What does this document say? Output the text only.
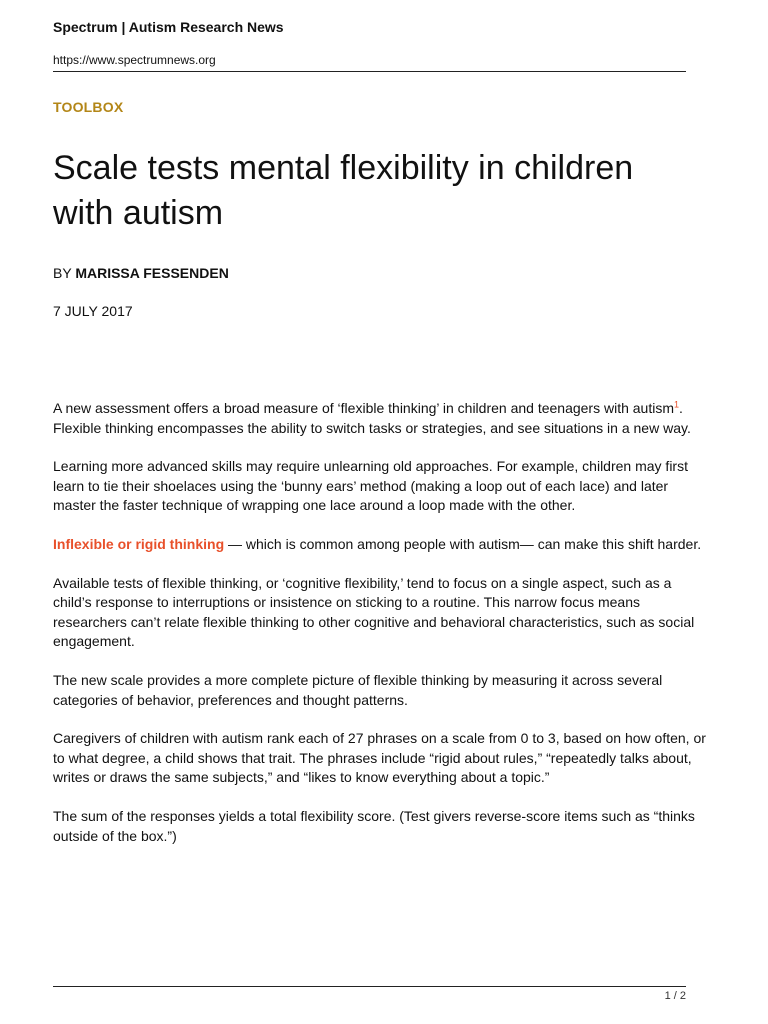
Spectrum | Autism Research News
https://www.spectrumnews.org
TOOLBOX
Scale tests mental flexibility in children with autism
BY MARISSA FESSENDEN
7 JULY 2017

A new assessment offers a broad measure of ‘flexible thinking’ in children and teenagers with autism$^1$. Flexible thinking encompasses the ability to switch tasks or strategies, and see situations in a new way.

Learning more advanced skills may require unlearning old approaches. For example, children may first learn to tie their shoelaces using the ‘bunny ears’ method (making a loop out of each lace) and later master the faster technique of wrapping one lace around a loop made with the other.

Inflexible or rigid thinking — which is common among people with autism— can make this shift harder.

Available tests of flexible thinking, or ‘cognitive flexibility,’ tend to focus on a single aspect, such as a child’s response to interruptions or insistence on sticking to a routine. This narrow focus means researchers can’t relate flexible thinking to other cognitive and behavioral characteristics, such as social engagement.

The new scale provides a more complete picture of flexible thinking by measuring it across several categories of behavior, preferences and thought patterns.

Caregivers of children with autism rank each of 27 phrases on a scale from 0 to 3, based on how often, or to what degree, a child shows that trait. The phrases include “rigid about rules,” “repeatedly talks about, writes or draws the same subjects,” and “likes to know everything about a topic.”

The sum of the responses yields a total flexibility score. (Test givers reverse-score items such as “thinks outside of the box.”)

1 / 2
